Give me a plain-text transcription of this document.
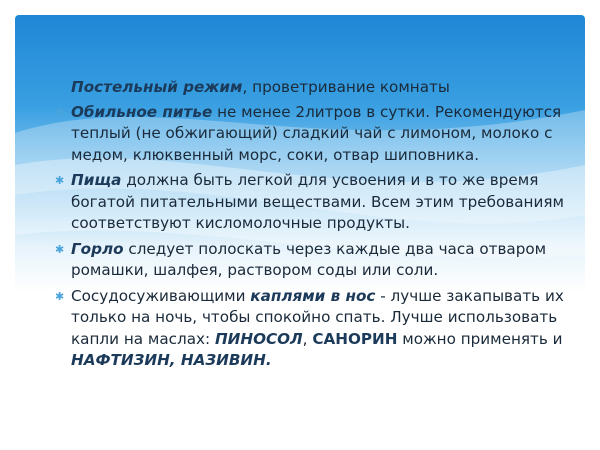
Постельный режим, проветривание комнаты
✱ Обильное питье не менее 2литров в сутки. Рекомендуются теплый (не обжигающий) сладкий чай с лимоном, молоко с медом, клюквенный морс, соки, отвар шиповника.
✱ Пища должна быть легкой для усвоения и в то же время богатой питательными веществами. Всем этим требованиям соответствуют кисломолочные продукты.
✱ Горло следует полоскать через каждые два часа отваром ромашки, шалфея, раствором соды или соли.
✱ Сосудосуживающими каплями в нос - лучше закапывать их только на ночь, чтобы спокойно спать. Лучше использовать капли на маслах: ПИНОСОЛ, САНОРИН можно применять и НАФТИЗИН, НАЗИВИН.
